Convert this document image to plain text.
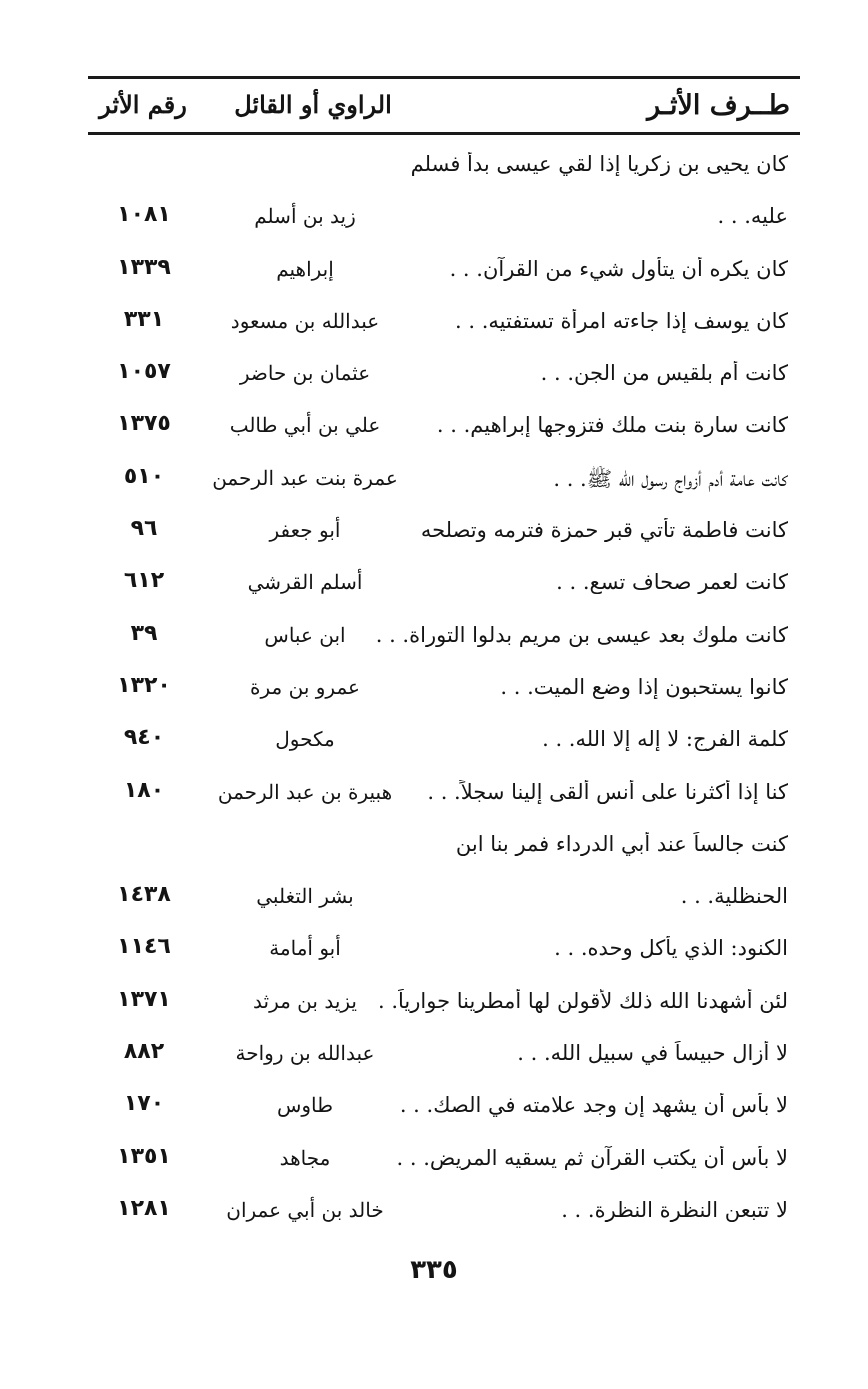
طــرف الأثـر
الراوي أو القائل
رقم الأثر
كان يحيى بن زكريا إذا لقي عيسى بدأ فسلم
عليه. . .
زيد بن أسلم
١٠٨١
كان يكره أن يتأول شيء من القرآن. . .
إبراهيم
١٣٣٩
كان يوسف إذا جاءته امرأة تستفتيه. . .
عبدالله بن مسعود
٣٣١
كانت أم بلقيس من الجن. . .
عثمان بن حاضر
١٠٥٧
كانت سارة بنت ملك فتزوجها إبراهيم. . .
علي بن أبي طالب
١٣٧٥
كانت عامة أدم أزواج رسول الله ﷺ. . .
عمرة بنت عبد الرحمن
٥١٠
كانت فاطمة تأتي قبر حمزة فترمه وتصلحه
أبو جعفر
٩٦
كانت لعمر صحاف تسع. . .
أسلم القرشي
٦١٢
كانت ملوك بعد عيسى بن مريم بدلوا التوراة. . .
ابن عباس
٣٩
كانوا يستحبون إذا وضع الميت. . .
عمرو بن مرة
١٣٢٠
كلمة الفرج: لا إله إلا الله. . .
مكحول
٩٤٠
كنا إذا أكثرنا على أنس ألقى إلينا سجلاً. . .
هبيرة بن عبد الرحمن
١٨٠
كنت جالساً عند أبي الدرداء فمر بنا ابن
الحنظلية. . .
بشر التغلبي
١٤٣٨
الكنود: الذي يأكل وحده. . .
أبو أمامة
١١٤٦
لئن أشهدنا الله ذلك لأقولن لها أمطرينا جوارياً. .
يزيد بن مرثد
١٣٧١
لا أزال حبيساً في سبيل الله. . .
عبدالله بن رواحة
٨٨٢
لا بأس أن يشهد إن وجد علامته في الصك. . .
طاوس
١٧٠
لا بأس أن يكتب القرآن ثم يسقيه المريض. . .
مجاهد
١٣٥١
لا تتبعن النظرة النظرة. . .
خالد بن أبي عمران
١٢٨١
٣٣٥
